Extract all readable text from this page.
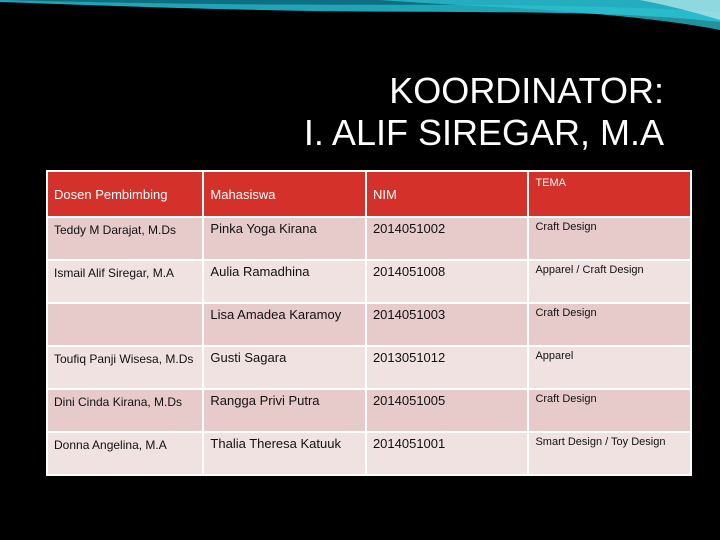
KOORDINATOR:
I. ALIF SIREGAR, M.A
Dosen Pembimbing	Mahasiswa	NIM	TEMA
Teddy M Darajat, M.Ds	Pinka Yoga Kirana	2014051002	Craft Design
Ismail Alif Siregar, M.A	Aulia Ramadhina	2014051008	Apparel / Craft Design
	Lisa Amadea Karamoy	2014051003	Craft Design
Toufiq Panji Wisesa, M.Ds	Gusti Sagara	2013051012	Apparel
Dini Cinda Kirana, M.Ds	Rangga Privi Putra	2014051005	Craft Design
Donna Angelina, M.A	Thalia Theresa Katuuk	2014051001	Smart Design / Toy Design
